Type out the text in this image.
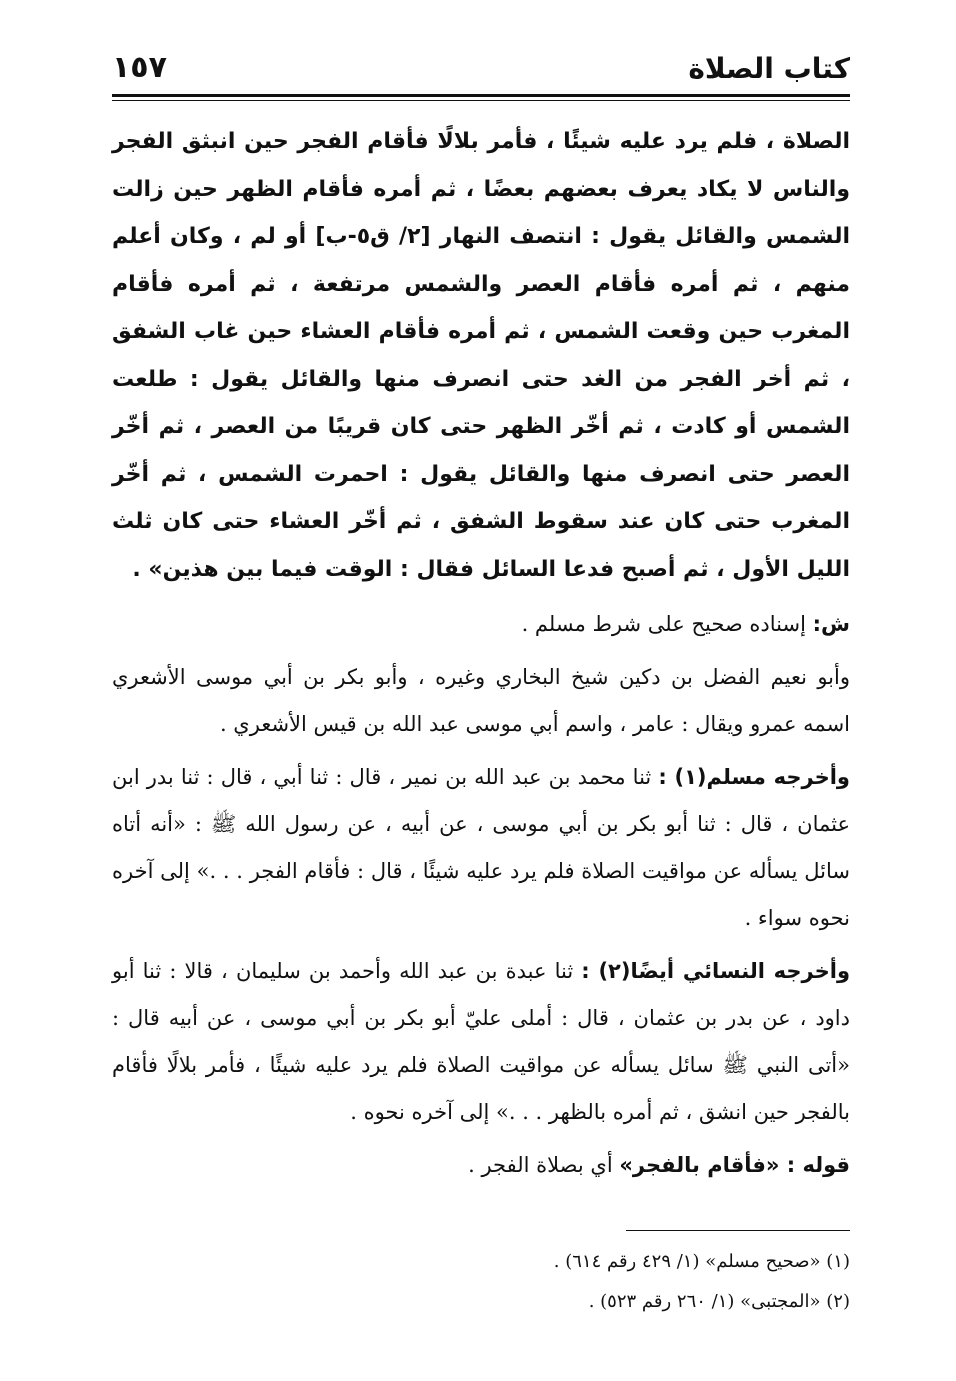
١٥٧	كتاب الصلاة

الصلاة ، فلم يرد عليه شيئًا ، فأمر بلالًا فأقام الفجر حين انبثق الفجر والناس لا يكاد يعرف بعضهم بعضًا ، ثم أمره فأقام الظهر حين زالت الشمس والقائل يقول : انتصف النهار [٢/ ق٥-ب] أو لم ، وكان أعلم منهم ، ثم أمره فأقام العصر والشمس مرتفعة ، ثم أمره فأقام المغرب حين وقعت الشمس ، ثم أمره فأقام العشاء حين غاب الشفق ، ثم أخر الفجر من الغد حتى انصرف منها والقائل يقول : طلعت الشمس أو كادت ، ثم أخّر الظهر حتى كان قريبًا من العصر ، ثم أخّر العصر حتى انصرف منها والقائل يقول : احمرت الشمس ، ثم أخّر المغرب حتى كان عند سقوط الشفق ، ثم أخّر العشاء حتى كان ثلث الليل الأول ، ثم أصبح فدعا السائل فقال : الوقت فيما بين هذين» .

ش: إسناده صحيح على شرط مسلم .

وأبو نعيم الفضل بن دكين شيخ البخاري وغيره ، وأبو بكر بن أبي موسى الأشعري اسمه عمرو ويقال : عامر ، واسم أبي موسى عبد الله بن قيس الأشعري .

وأخرجه مسلم(١) : ثنا محمد بن عبد الله بن نمير ، قال : ثنا أبي ، قال : ثنا بدر ابن عثمان ، قال : ثنا أبو بكر بن أبي موسى ، عن أبيه ، عن رسول الله ﷺ : «أنه أتاه سائل يسأله عن مواقيت الصلاة فلم يرد عليه شيئًا ، قال : فأقام الفجر . . .» إلى آخره نحوه سواء .

وأخرجه النسائي أيضًا(٢) : ثنا عبدة بن عبد الله وأحمد بن سليمان ، قالا : ثنا أبو داود ، عن بدر بن عثمان ، قال : أملى عليّ أبو بكر بن أبي موسى ، عن أبيه قال : «أتى النبي ﷺ سائل يسأله عن مواقيت الصلاة فلم يرد عليه شيئًا ، فأمر بلالًا فأقام بالفجر حين انشق ، ثم أمره بالظهر . . .» إلى آخره نحوه .

قوله : «فأقام بالفجر» أي بصلاة الفجر .

(١) «صحيح مسلم» (١/ ٤٢٩ رقم ٦١٤) .
(٢) «المجتبى» (١/ ٢٦٠ رقم ٥٢٣) .
